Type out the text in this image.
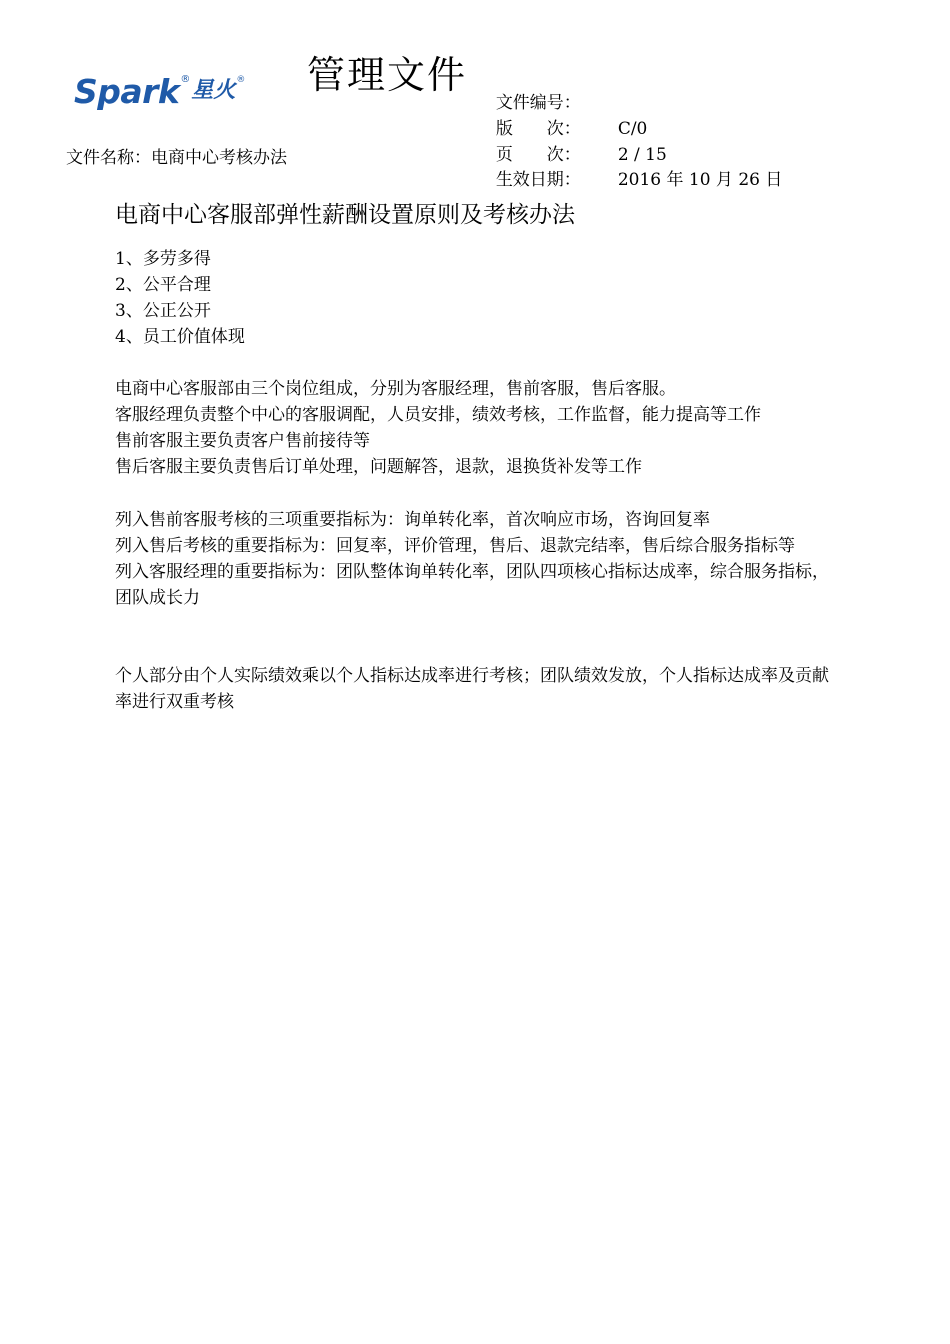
Spark ® 星火 ® 管理文件

文件编号：

版　　次： C/0

页　　次： 2 / 15

生效日期： 2016 年 10 月 26 日

文件名称：电商中心考核办法
电商中心客服部弹性薪酬设置原则及考核办法
1、多劳多得
2、公平合理
3、公正公开
4、员工价值体现
电商中心客服部由三个岗位组成，分别为客服经理，售前客服，售后客服。
客服经理负责整个中心的客服调配，人员安排，绩效考核，工作监督，能力提高等工作
售前客服主要负责客户售前接待等
售后客服主要负责售后订单处理，问题解答，退款，退换货补发等工作
列入售前客服考核的三项重要指标为：询单转化率，首次响应市场，咨询回复率
列入售后考核的重要指标为：回复率，评价管理，售后、退款完结率，售后综合服务指标等
列入客服经理的重要指标为：团队整体询单转化率，团队四项核心指标达成率，综合服务指标，团队成长力
个人部分由个人实际绩效乘以个人指标达成率进行考核；团队绩效发放，个人指标达成率及贡献率进行双重考核
